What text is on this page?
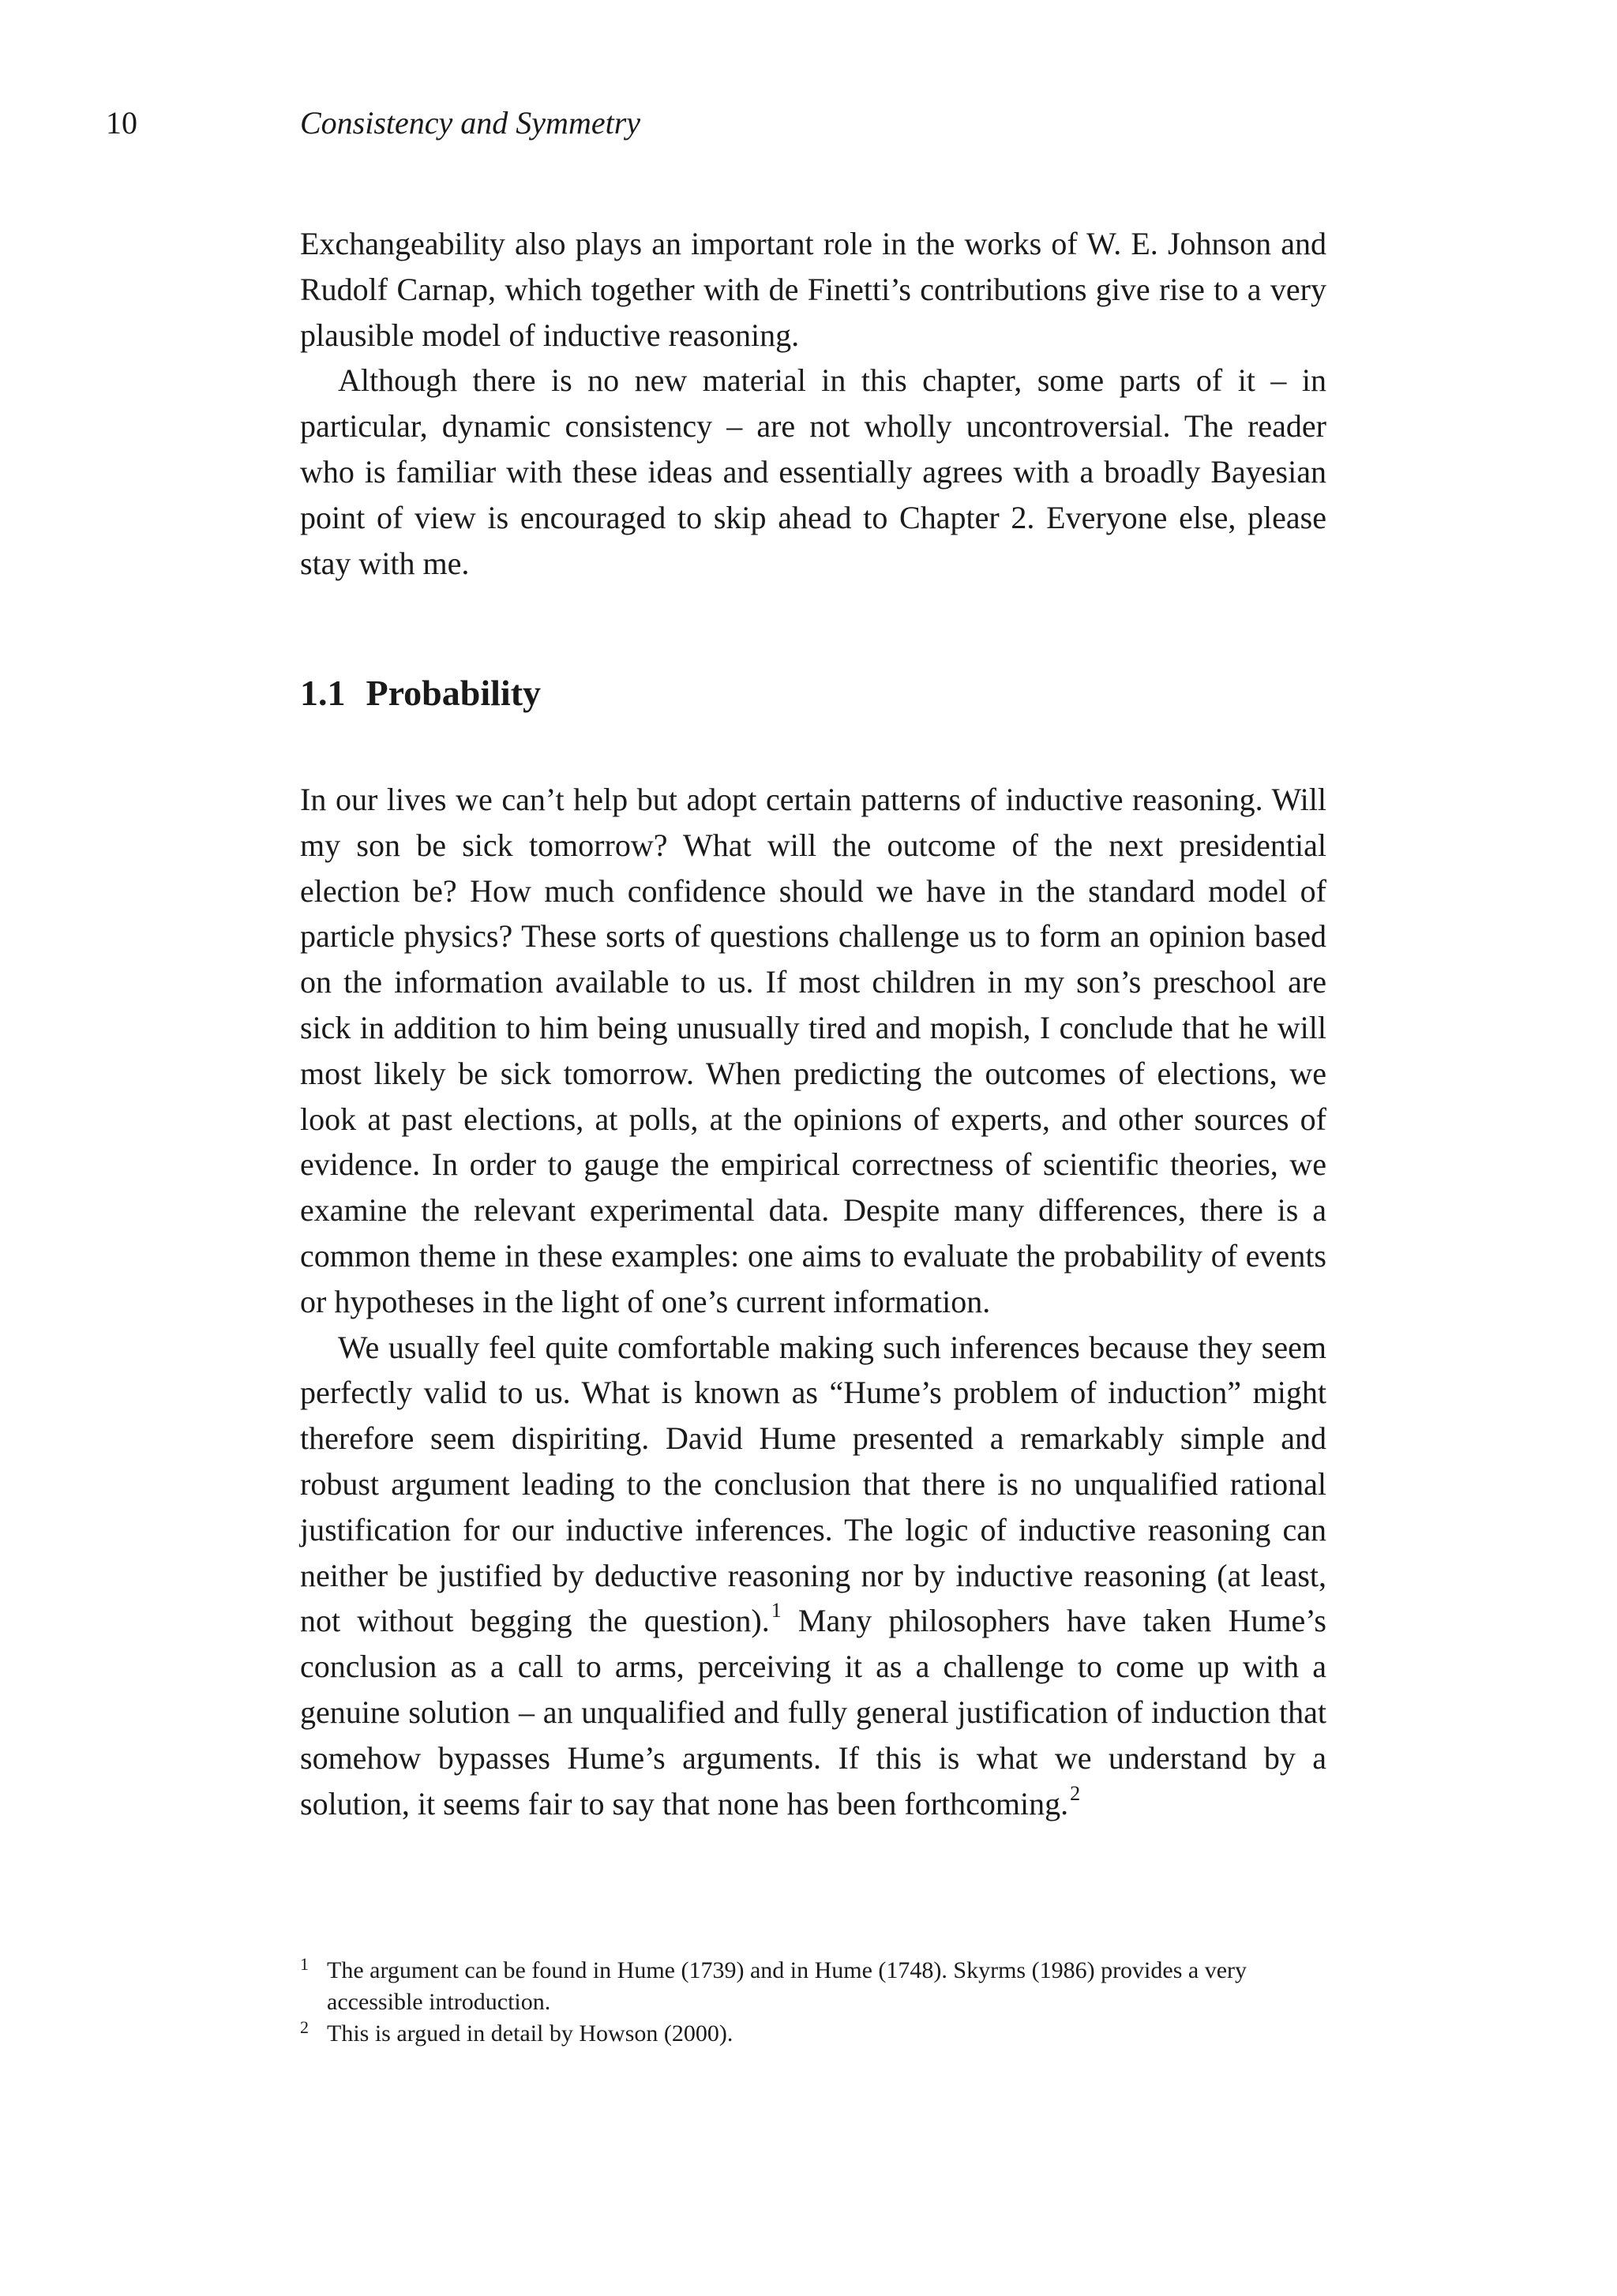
10	Consistency and Symmetry

Exchangeability also plays an important role in the works of W. E. Johnson and Rudolf Carnap, which together with de Finetti’s contributions give rise to a very plausible model of inductive reasoning.

Although there is no new material in this chapter, some parts of it – in particular, dynamic consistency – are not wholly uncontroversial. The reader who is familiar with these ideas and essentially agrees with a broadly Bayesian point of view is encouraged to skip ahead to Chapter 2. Everyone else, please stay with me.

1.1 Probability

In our lives we can’t help but adopt certain patterns of inductive reasoning. Will my son be sick tomorrow? What will the outcome of the next presidential election be? How much confidence should we have in the standard model of particle physics? These sorts of questions challenge us to form an opinion based on the information available to us. If most children in my son’s preschool are sick in addition to him being unusually tired and mopish, I conclude that he will most likely be sick tomorrow. When predicting the outcomes of elections, we look at past elections, at polls, at the opinions of experts, and other sources of evidence. In order to gauge the empirical correctness of scientific theories, we examine the relevant experimental data. Despite many differences, there is a common theme in these examples: one aims to evaluate the probability of events or hypotheses in the light of one’s current information.

We usually feel quite comfortable making such inferences because they seem perfectly valid to us. What is known as “Hume’s problem of induction” might therefore seem dispiriting. David Hume presented a remarkably simple and robust argument leading to the conclusion that there is no unqualified rational justification for our inductive inferences. The logic of inductive reasoning can neither be justified by deductive reasoning nor by inductive reasoning (at least, not without begging the question).$^1$ Many philosophers have taken Hume’s conclusion as a call to arms, perceiving it as a challenge to come up with a genuine solution – an unqualified and fully general justification of induction that somehow bypasses Hume’s arguments. If this is what we understand by a solution, it seems fair to say that none has been forthcoming.$^2$

1 The argument can be found in Hume (1739) and in Hume (1748). Skyrms (1986) provides a very accessible introduction.
2 This is argued in detail by Howson (2000).
